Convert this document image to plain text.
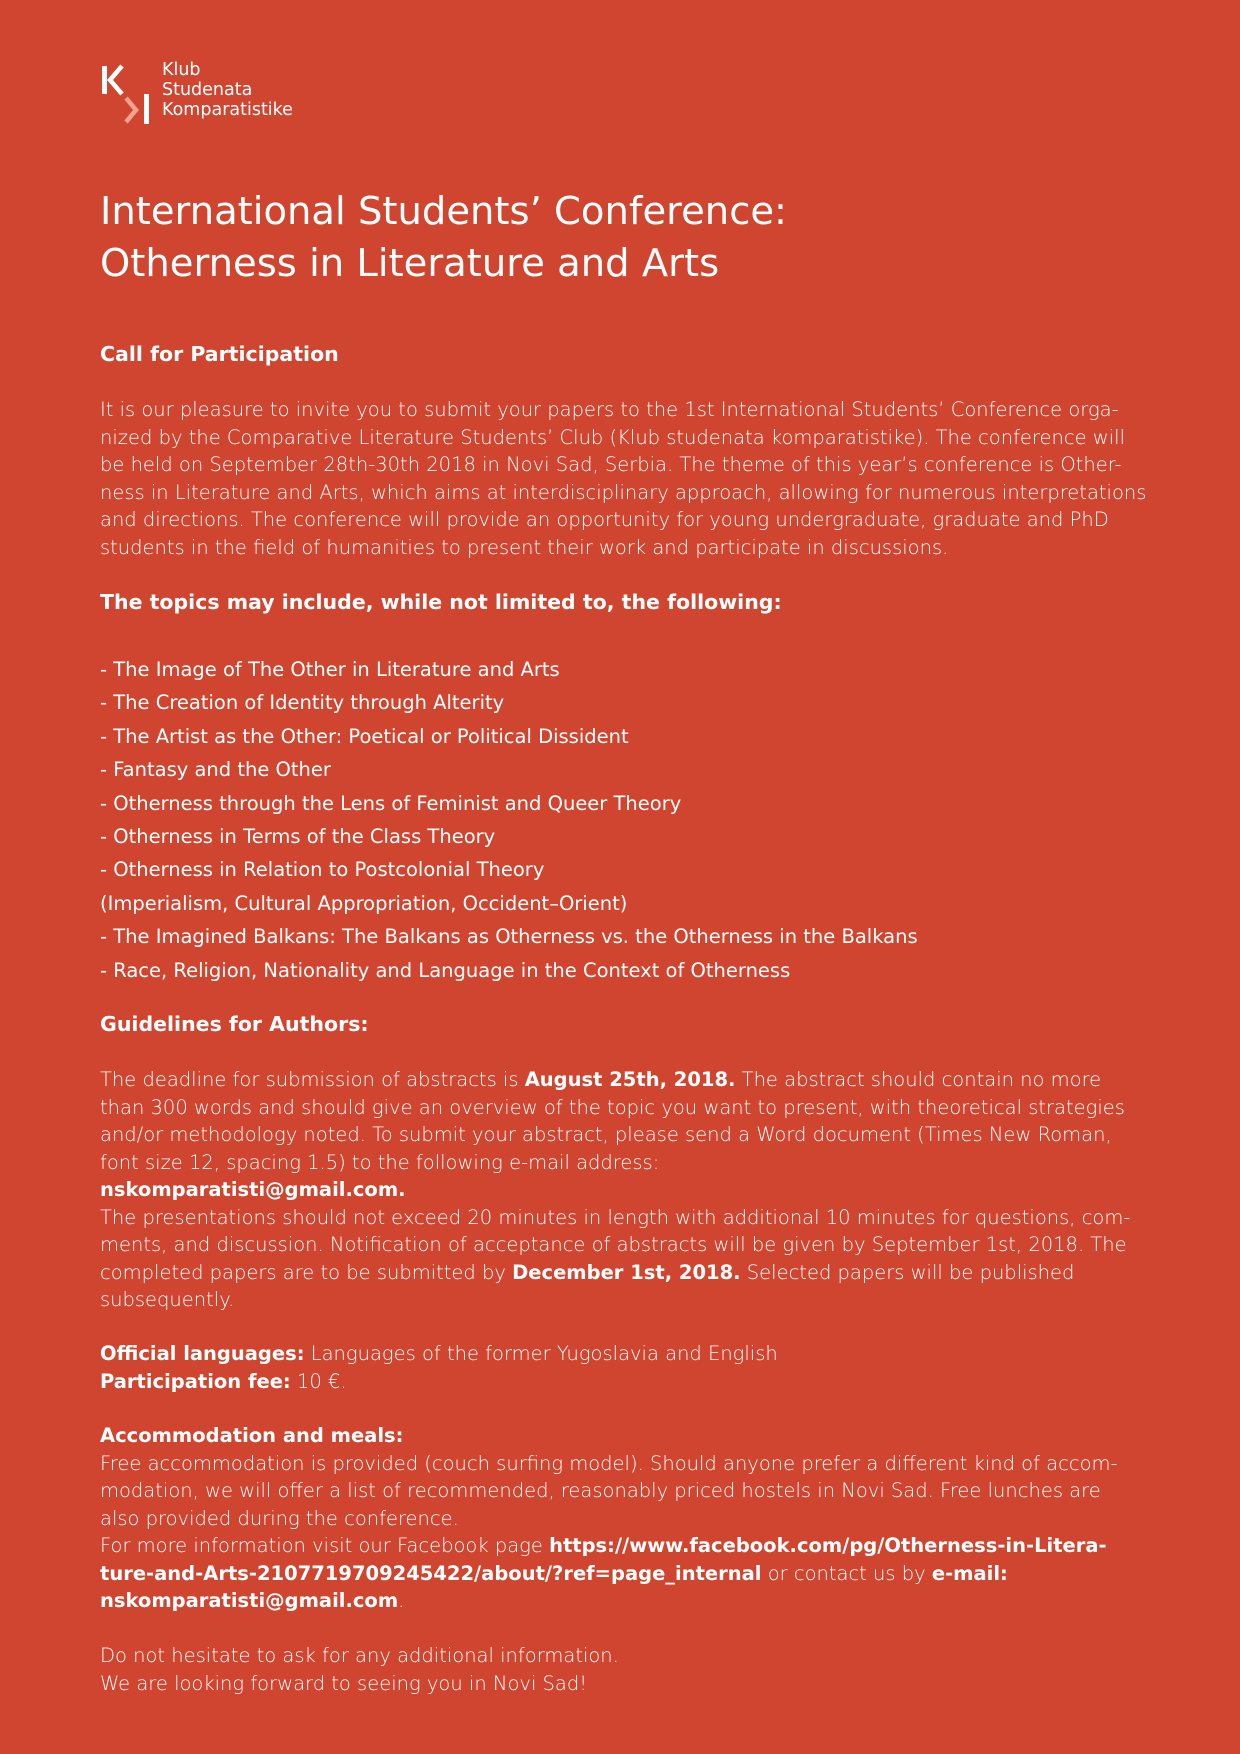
Klub
Studenata
Komparatistike
International Students’ Conference:
Otherness in Literature and Arts
Call for Participation

It is our pleasure to invite you to submit your papers to the 1st International Students’ Conference orga-
nized by the Comparative Literature Students’ Club (Klub studenata komparatistike). The conference will
be held on September 28th-30th 2018 in Novi Sad, Serbia. The theme of this year’s conference is Other-
ness in Literature and Arts, which aims at interdisciplinary approach, allowing for numerous interpretations
and directions. The conference will provide an opportunity for young undergraduate, graduate and PhD
students in the field of humanities to present their work and participate in discussions.

The topics may include, while not limited to, the following:
- The Image of The Other in Literature and Arts
- The Creation of Identity through Alterity
- The Artist as the Other: Poetical or Political Dissident
- Fantasy and the Other
- Otherness through the Lens of Feminist and Queer Theory
- Otherness in Terms of the Class Theory
- Otherness in Relation to Postcolonial Theory
(Imperialism, Cultural Appropriation, Occident–Orient)
- The Imagined Balkans: The Balkans as Otherness vs. the Otherness in the Balkans
- Race, Religion, Nationality and Language in the Context of Otherness
Guidelines for Authors:

The deadline for submission of abstracts is August 25th, 2018. The abstract should contain no more
than 300 words and should give an overview of the topic you want to present, with theoretical strategies
and/or methodology noted. To submit your abstract, please send a Word document (Times New Roman,
font size 12, spacing 1.5) to the following e-mail address:
nskomparatisti@gmail.com.
The presentations should not exceed 20 minutes in length with additional 10 minutes for questions, com-
ments, and discussion. Notification of acceptance of abstracts will be given by September 1st, 2018. The
completed papers are to be submitted by December 1st, 2018. Selected papers will be published
subsequently.

Official languages: Languages of the former Yugoslavia and English
Participation fee: 10 €.

Accommodation and meals:
Free accommodation is provided (couch surfing model). Should anyone prefer a different kind of accom-
modation, we will offer a list of recommended, reasonably priced hostels in Novi Sad. Free lunches are
also provided during the conference.
For more information visit our Facebook page https://www.facebook.com/pg/Otherness-in-Litera-
ture-and-Arts-2107719709245422/about/?ref=page_internal or contact us by e-mail:
nskomparatisti@gmail.com.

Do not hesitate to ask for any additional information.
We are looking forward to seeing you in Novi Sad!
